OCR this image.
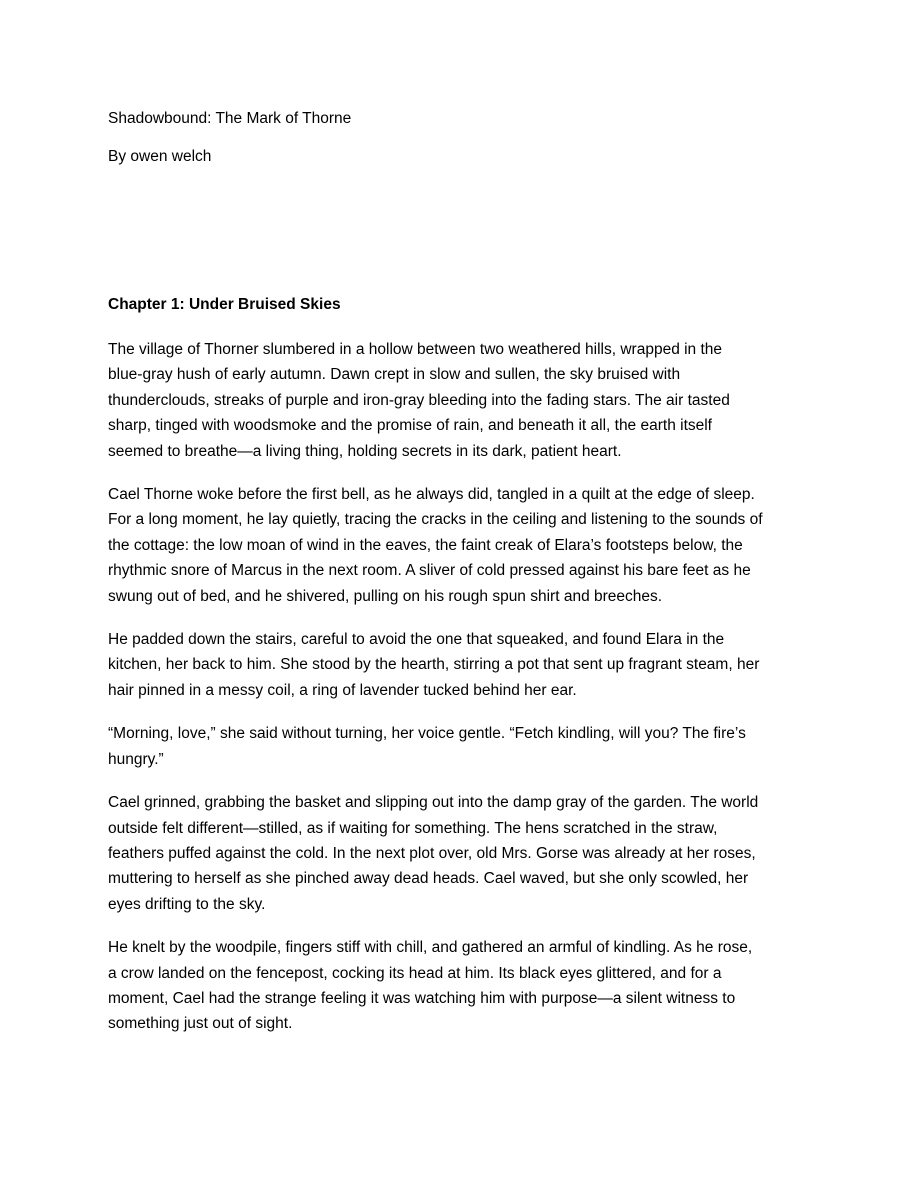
Shadowbound: The Mark of Thorne
By owen welch
Chapter 1: Under Bruised Skies

The village of Thorner slumbered in a hollow between two weathered hills, wrapped in the
blue-gray hush of early autumn. Dawn crept in slow and sullen, the sky bruised with
thunderclouds, streaks of purple and iron-gray bleeding into the fading stars. The air tasted
sharp, tinged with woodsmoke and the promise of rain, and beneath it all, the earth itself
seemed to breathe—a living thing, holding secrets in its dark, patient heart.

Cael Thorne woke before the first bell, as he always did, tangled in a quilt at the edge of sleep.
For a long moment, he lay quietly, tracing the cracks in the ceiling and listening to the sounds of
the cottage: the low moan of wind in the eaves, the faint creak of Elara’s footsteps below, the
rhythmic snore of Marcus in the next room. A sliver of cold pressed against his bare feet as he
swung out of bed, and he shivered, pulling on his rough spun shirt and breeches.

He padded down the stairs, careful to avoid the one that squeaked, and found Elara in the
kitchen, her back to him. She stood by the hearth, stirring a pot that sent up fragrant steam, her
hair pinned in a messy coil, a ring of lavender tucked behind her ear.

“Morning, love,” she said without turning, her voice gentle. “Fetch kindling, will you? The fire’s
hungry.”

Cael grinned, grabbing the basket and slipping out into the damp gray of the garden. The world
outside felt different—stilled, as if waiting for something. The hens scratched in the straw,
feathers puffed against the cold. In the next plot over, old Mrs. Gorse was already at her roses,
muttering to herself as she pinched away dead heads. Cael waved, but she only scowled, her
eyes drifting to the sky.

He knelt by the woodpile, fingers stiff with chill, and gathered an armful of kindling. As he rose,
a crow landed on the fencepost, cocking its head at him. Its black eyes glittered, and for a
moment, Cael had the strange feeling it was watching him with purpose—a silent witness to
something just out of sight.
